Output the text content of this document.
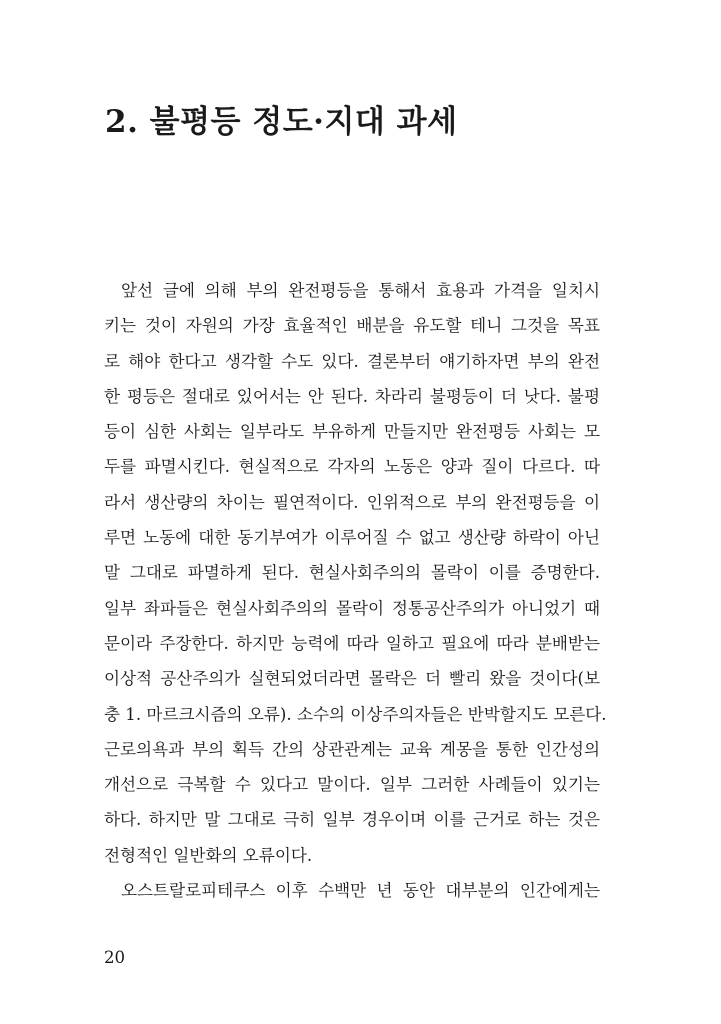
2. 불평등 정도·지대 과세
앞선 글에 의해 부의 완전평등을 통해서 효용과 가격을 일치시
키는 것이 자원의 가장 효율적인 배분을 유도할 테니 그것을 목표
로 해야 한다고 생각할 수도 있다. 결론부터 얘기하자면 부의 완전
한 평등은 절대로 있어서는 안 된다. 차라리 불평등이 더 낫다. 불평
등이 심한 사회는 일부라도 부유하게 만들지만 완전평등 사회는 모
두를 파멸시킨다. 현실적으로 각자의 노동은 양과 질이 다르다. 따
라서 생산량의 차이는 필연적이다. 인위적으로 부의 완전평등을 이
루면 노동에 대한 동기부여가 이루어질 수 없고 생산량 하락이 아닌
말 그대로 파멸하게 된다. 현실사회주의의 몰락이 이를 증명한다.
일부 좌파들은 현실사회주의의 몰락이 정통공산주의가 아니었기 때
문이라 주장한다. 하지만 능력에 따라 일하고 필요에 따라 분배받는
이상적 공산주의가 실현되었더라면 몰락은 더 빨리 왔을 것이다(보
충 1. 마르크시즘의 오류). 소수의 이상주의자들은 반박할지도 모른다.
근로의욕과 부의 획득 간의 상관관계는 교육 계몽을 통한 인간성의
개선으로 극복할 수 있다고 말이다. 일부 그러한 사례들이 있기는
하다. 하지만 말 그대로 극히 일부 경우이며 이를 근거로 하는 것은
전형적인 일반화의 오류이다.
오스트랄로피테쿠스 이후 수백만 년 동안 대부분의 인간에게는
20
